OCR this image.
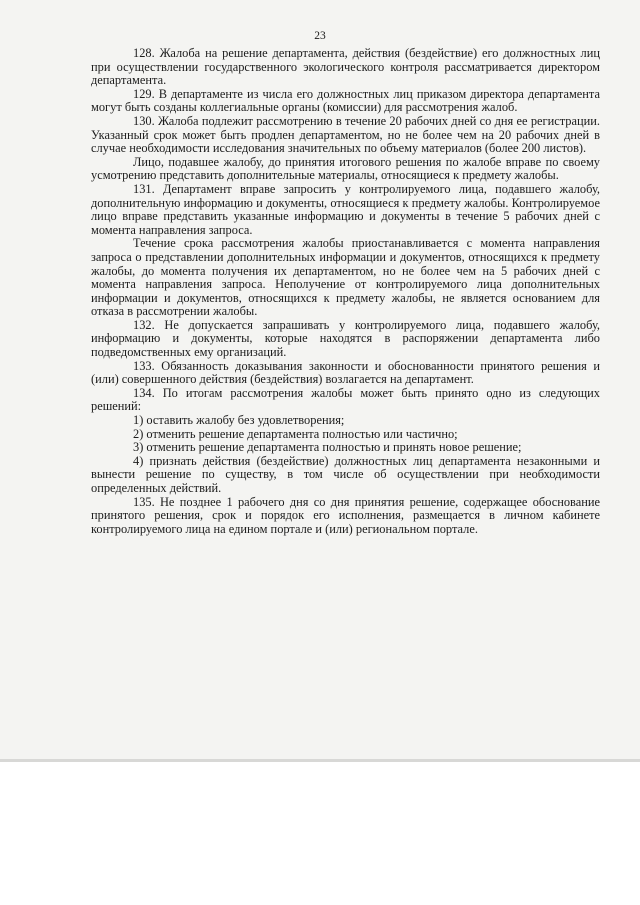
23

128. Жалоба на решение департамента, действия (бездействие) его должностных лиц при осуществлении государственного экологического контроля рассматривается директором департамента.

129. В департаменте из числа его должностных лиц приказом директора департамента могут быть созданы коллегиальные органы (комиссии) для рассмотрения жалоб.

130. Жалоба подлежит рассмотрению в течение 20 рабочих дней со дня ее регистрации. Указанный срок может быть продлен департаментом, но не более чем на 20 рабочих дней в случае необходимости исследования значительных по объему материалов (более 200 листов).

Лицо, подавшее жалобу, до принятия итогового решения по жалобе вправе по своему усмотрению представить дополнительные материалы, относящиеся к предмету жалобы.

131. Департамент вправе запросить у контролируемого лица, подавшего жалобу, дополнительную информацию и документы, относящиеся к предмету жалобы. Контролируемое лицо вправе представить указанные информацию и документы в течение 5 рабочих дней с момента направления запроса.

Течение срока рассмотрения жалобы приостанавливается с момента направления запроса о представлении дополнительных информации и документов, относящихся к предмету жалобы, до момента получения их департаментом, но не более чем на 5 рабочих дней с момента направления запроса. Неполучение от контролируемого лица дополнительных информации и документов, относящихся к предмету жалобы, не является основанием для отказа в рассмотрении жалобы.

132. Не допускается запрашивать у контролируемого лица, подавшего жалобу, информацию и документы, которые находятся в распоряжении департамента либо подведомственных ему организаций.

133. Обязанность доказывания законности и обоснованности принятого решения и (или) совершенного действия (бездействия) возлагается на департамент.

134. По итогам рассмотрения жалобы может быть принято одно из следующих решений:

1) оставить жалобу без удовлетворения;

2) отменить решение департамента полностью или частично;

3) отменить решение департамента полностью и принять новое решение;

4) признать действия (бездействие) должностных лиц департамента незаконными и вынести решение по существу, в том числе об осуществлении при необходимости определенных действий.

135. Не позднее 1 рабочего дня со дня принятия решение, содержащее обоснование принятого решения, срок и порядок его исполнения, размещается в личном кабинете контролируемого лица на едином портале и (или) региональном портале.
